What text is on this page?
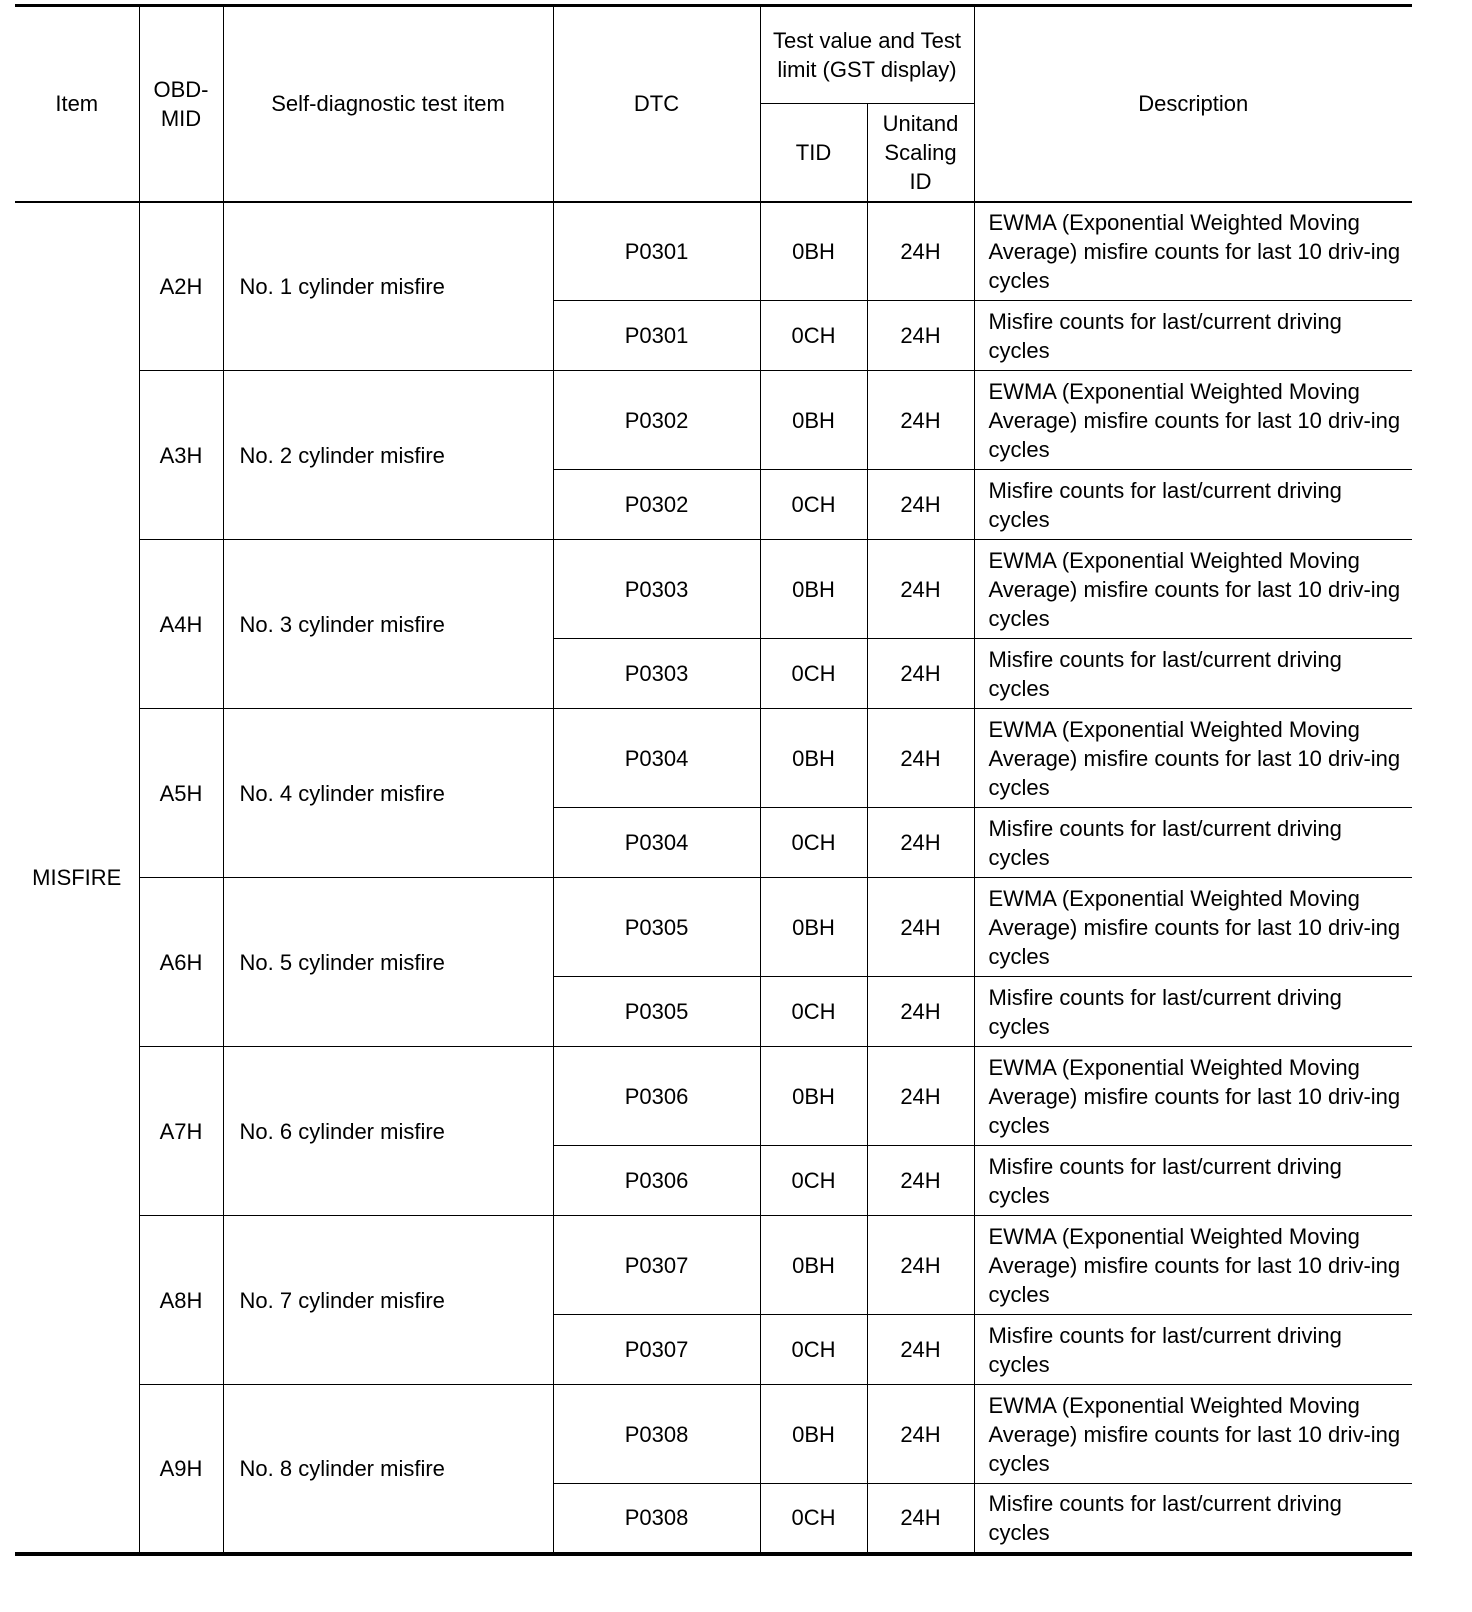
Item	OBD-MID	Self-diagnostic test item	DTC	Test value and Test limit (GST display)		Description
				TID	Unitand Scaling ID	
MISFIRE	A2H	No. 1 cylinder misfire	P0301	0BH	24H	EWMA (Exponential Weighted Moving Average) misfire counts for last 10 driv-ing cycles
			P0301	0CH	24H	Misfire counts for last/current driving cycles
	A3H	No. 2 cylinder misfire	P0302	0BH	24H	EWMA (Exponential Weighted Moving Average) misfire counts for last 10 driv-ing cycles
			P0302	0CH	24H	Misfire counts for last/current driving cycles
	A4H	No. 3 cylinder misfire	P0303	0BH	24H	EWMA (Exponential Weighted Moving Average) misfire counts for last 10 driv-ing cycles
			P0303	0CH	24H	Misfire counts for last/current driving cycles
	A5H	No. 4 cylinder misfire	P0304	0BH	24H	EWMA (Exponential Weighted Moving Average) misfire counts for last 10 driv-ing cycles
			P0304	0CH	24H	Misfire counts for last/current driving cycles
	A6H	No. 5 cylinder misfire	P0305	0BH	24H	EWMA (Exponential Weighted Moving Average) misfire counts for last 10 driv-ing cycles
			P0305	0CH	24H	Misfire counts for last/current driving cycles
	A7H	No. 6 cylinder misfire	P0306	0BH	24H	EWMA (Exponential Weighted Moving Average) misfire counts for last 10 driv-ing cycles
			P0306	0CH	24H	Misfire counts for last/current driving cycles
	A8H	No. 7 cylinder misfire	P0307	0BH	24H	EWMA (Exponential Weighted Moving Average) misfire counts for last 10 driv-ing cycles
			P0307	0CH	24H	Misfire counts for last/current driving cycles
	A9H	No. 8 cylinder misfire	P0308	0BH	24H	EWMA (Exponential Weighted Moving Average) misfire counts for last 10 driv-ing cycles
			P0308	0CH	24H	Misfire counts for last/current driving cycles
